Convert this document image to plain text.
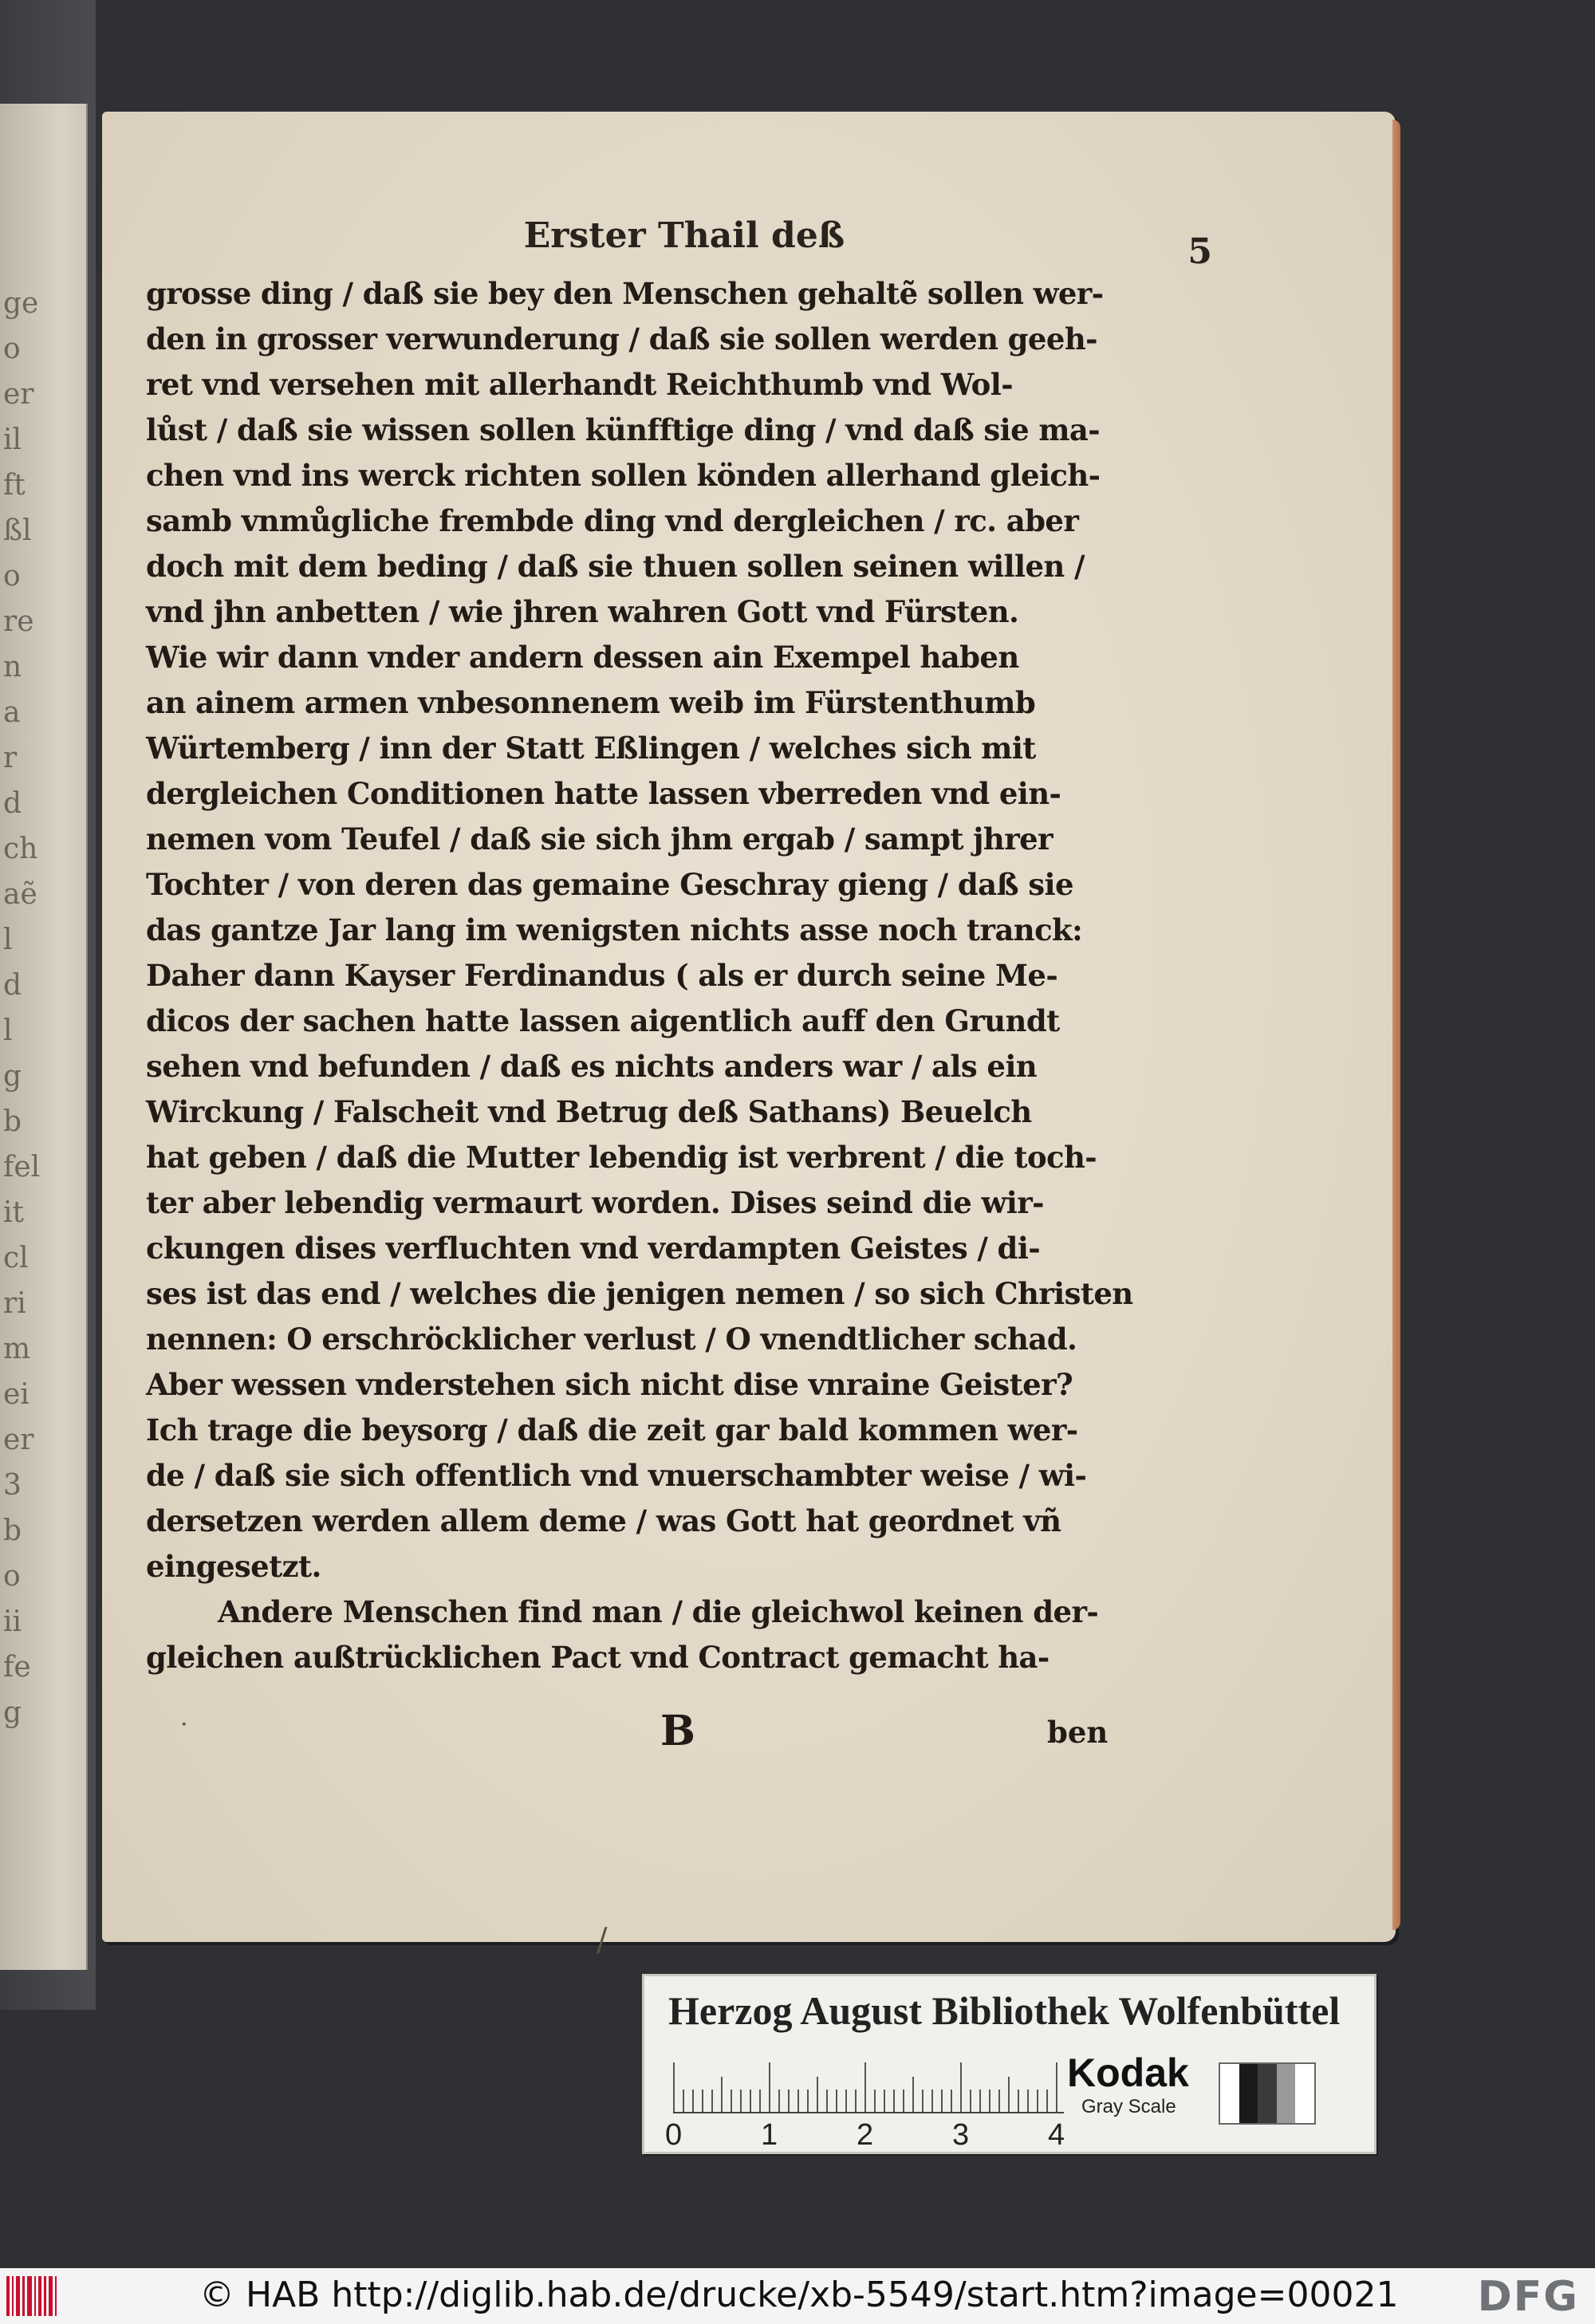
ge
o
er
il
ft
ßl
o
re
n
a
r
d
ch
aẽ
l
d
l
g
b
fel
it
cl
ri
m
ei
er
3
b
o
ii
fe
g
Erster Thail deß	5
grosse ding / daß sie bey den Menschen gehaltẽ sollen wer-
den in grosser verwunderung / daß sie sollen werden geeh-
ret vnd versehen mit allerhandt Reichthumb vnd Wol-
lůst / daß sie wissen sollen künfftige ding / vnd daß sie ma-
chen vnd ins werck richten sollen könden allerhand gleich-
samb vnmůgliche frembde ding vnd dergleichen / rc. aber
doch mit dem beding / daß sie thuen sollen seinen willen /
vnd jhn anbetten / wie jhren wahren Gott vnd Fürsten.
Wie wir dann vnder andern dessen ain Exempel haben
an ainem armen vnbesonnenem weib im Fürstenthumb
Würtemberg / inn der Statt Eßlingen / welches sich mit
dergleichen Conditionen hatte lassen vberreden vnd ein-
nemen vom Teufel / daß sie sich jhm ergab / sampt jhrer
Tochter / von deren das gemaine Geschray gieng / daß sie
das gantze Jar lang im wenigsten nichts asse noch tranck:
Daher dann Kayser Ferdinandus ( als er durch seine Me-
dicos der sachen hatte lassen aigentlich auff den Grundt
sehen vnd befunden / daß es nichts anders war / als ein
Wirckung / Falscheit vnd Betrug deß Sathans) Beuelch
hat geben / daß die Mutter lebendig ist verbrent / die toch-
ter aber lebendig vermaurt worden. Dises seind die wir-
ckungen dises verfluchten vnd verdampten Geistes / di-
ses ist das end / welches die jenigen nemen / so sich Christen
nennen: O erschröcklicher verlust / O vnendtlicher schad.
Aber wessen vnderstehen sich nicht dise vnraine Geister?
Ich trage die beysorg / daß die zeit gar bald kommen wer-
de / daß sie sich offentlich vnd vnuerschambter weise / wi-
dersetzen werden allem deme / was Gott hat geordnet vñ
eingesetzt.
Andere Menschen find man / die gleichwol keinen der-
gleichen außtrücklichen Pact vnd Contract gemacht ha-
·	B	ben
/
Herzog August Bibliothek Wolfenbüttel
0	1	2	3	4
Kodak
Gray Scale
© HAB http://diglib.hab.de/drucke/xb-5549/start.htm?image=00021 DFG
